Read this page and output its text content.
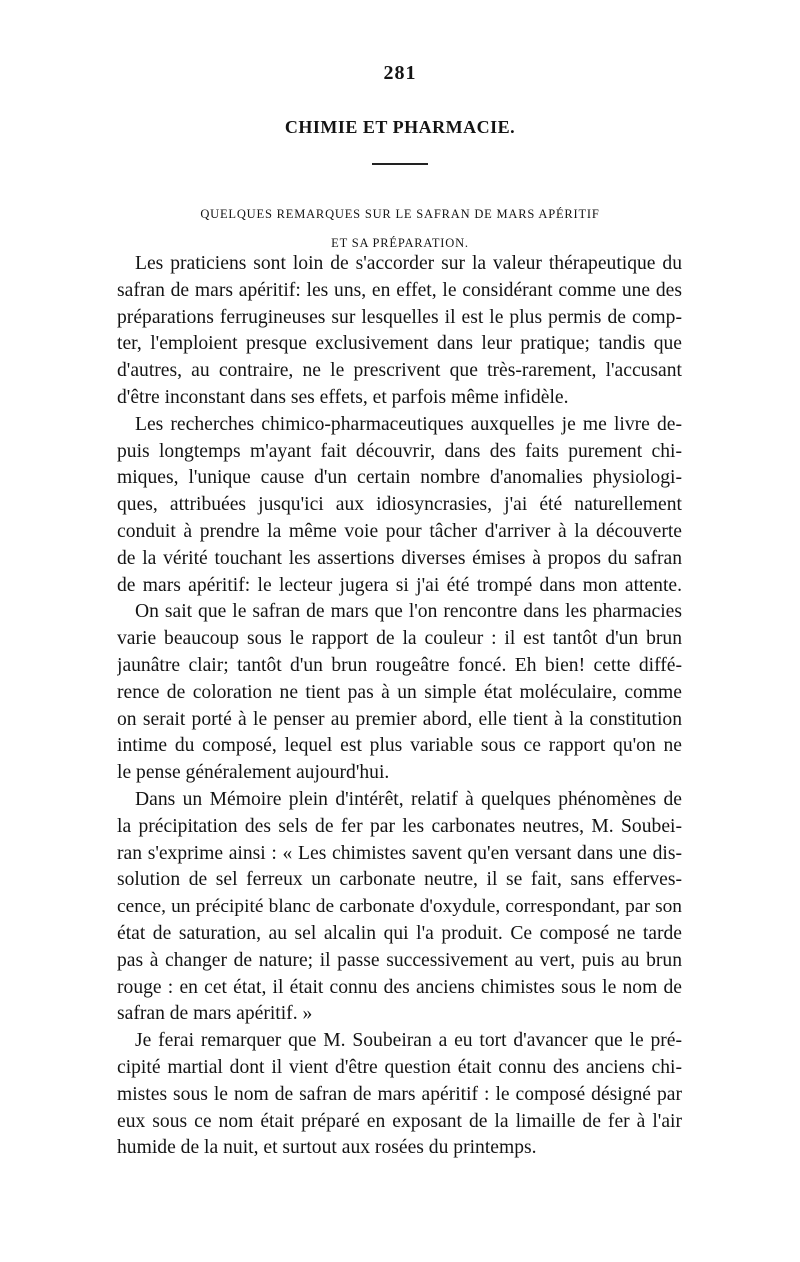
281
CHIMIE ET PHARMACIE.
QUELQUES REMARQUES SUR LE SAFRAN DE MARS APÉRITIF
ET SA PRÉPARATION.
Les praticiens sont loin de s'accorder sur la valeur thérapeutique du
safran de mars apéritif: les uns, en effet, le considérant comme une des
préparations ferrugineuses sur lesquelles il est le plus permis de comp-
ter, l'emploient presque exclusivement dans leur pratique; tandis que
d'autres, au contraire, ne le prescrivent que très-rarement, l'accusant
d'être inconstant dans ses effets, et parfois même infidèle.
Les recherches chimico-pharmaceutiques auxquelles je me livre de-
puis longtemps m'ayant fait découvrir, dans des faits purement chi-
miques, l'unique cause d'un certain nombre d'anomalies physiologi-
ques, attribuées jusqu'ici aux idiosyncrasies, j'ai été naturellement
conduit à prendre la même voie pour tâcher d'arriver à la découverte
de la vérité touchant les assertions diverses émises à propos du safran
de mars apéritif: le lecteur jugera si j'ai été trompé dans mon attente.
On sait que le safran de mars que l'on rencontre dans les pharmacies
varie beaucoup sous le rapport de la couleur : il est tantôt d'un brun
jaunâtre clair; tantôt d'un brun rougeâtre foncé. Eh bien! cette diffé-
rence de coloration ne tient pas à un simple état moléculaire, comme
on serait porté à le penser au premier abord, elle tient à la constitution
intime du composé, lequel est plus variable sous ce rapport qu'on ne
le pense généralement aujourd'hui.
Dans un Mémoire plein d'intérêt, relatif à quelques phénomènes de
la précipitation des sels de fer par les carbonates neutres, M. Soubei-
ran s'exprime ainsi : « Les chimistes savent qu'en versant dans une dis-
solution de sel ferreux un carbonate neutre, il se fait, sans efferves-
cence, un précipité blanc de carbonate d'oxydule, correspondant, par son
état de saturation, au sel alcalin qui l'a produit. Ce composé ne tarde
pas à changer de nature; il passe successivement au vert, puis au brun
rouge : en cet état, il était connu des anciens chimistes sous le nom de
safran de mars apéritif. »
Je ferai remarquer que M. Soubeiran a eu tort d'avancer que le pré-
cipité martial dont il vient d'être question était connu des anciens chi-
mistes sous le nom de safran de mars apéritif : le composé désigné par
eux sous ce nom était préparé en exposant de la limaille de fer à l'air
humide de la nuit, et surtout aux rosées du printemps.
